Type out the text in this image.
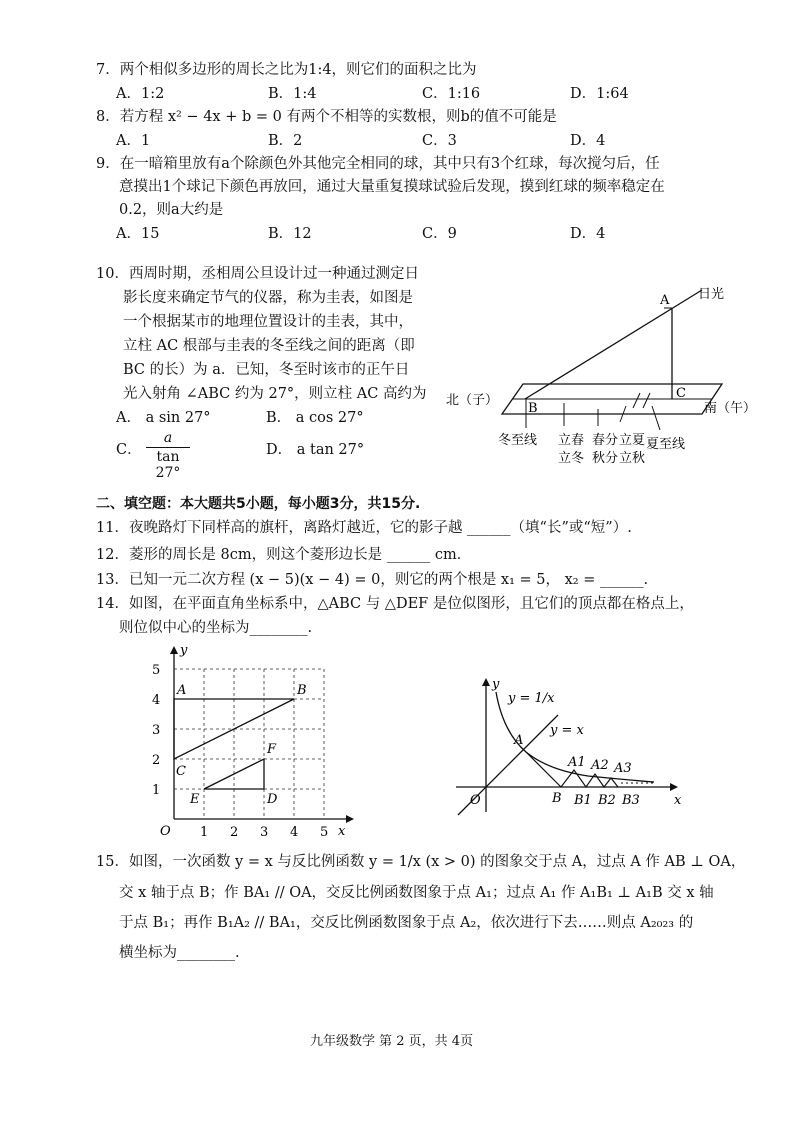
7．两个相似多边形的周长之比为1:4，则它们的面积之比为
A．1:2	B．1:4	C．1:16	D．1:64
8．若方程 x² − 4x + b = 0 有两个不相等的实数根，则b的值不可能是
A．1	B．2	C．3	D．4
9．在一暗箱里放有a个除颜色外其他完全相同的球，其中只有3个红球，每次搅匀后，任
意摸出1个球记下颜色再放回，通过大量重复摸球试验后发现，摸到红球的频率稳定在
0.2，则a大约是
A．15	B．12	C．9	D．4
10．西周时期，丞相周公旦设计过一种通过测定日
影长度来确定节气的仪器，称为圭表，如图是
一个根据某市的地理位置设计的圭表，其中，
立柱 AC 根部与圭表的冬至线之间的距离（即
BC 的长）为 a．已知，冬至时该市的正午日
光入射角 ∠ABC 约为 27°，则立柱 AC 高约为
A． a sin 27°	B． a cos 27°
C．
a
tan 27°
D． a tan 27°
A
B
C
日光
北（子）
南（午）
冬至线 立春
立冬
春分
秋分
立夏
立秋
夏至线
二、填空题：本大题共5小题，每小题3分，共15分.
11．夜晚路灯下同样高的旗杆，离路灯越近，它的影子越 ______（填“长”或“短”）.
12．菱形的周长是 8cm，则这个菱形边长是 ______ cm．
13．已知一元二次方程 (x − 5)(x − 4) = 0，则它的两个根是 x₁ = 5， x₂ = ______.
14．如图，在平面直角坐标系中，△ABC 与 △DEF 是位似图形，且它们的顶点都在格点上，
则位似中心的坐标为________.
y
x
O 1 2 3 4 5
1
2
3
4
5
A	B
C
D
E
F
y
x
O
y = 1/x
y = x
A
A1 A2 A3
B B1 B2 B3
15．如图，一次函数 y = x 与反比例函数 y = 1/x (x > 0) 的图象交于点 A，过点 A 作 AB ⊥ OA，
交 x 轴于点 B；作 BA₁ // OA，交反比例函数图象于点 A₁；过点 A₁ 作 A₁B₁ ⊥ A₁B 交 x 轴
于点 B₁；再作 B₁A₂ // BA₁，交反比例函数图象于点 A₂，依次进行下去……则点 A₂₀₂₃ 的
横坐标为________.
九年级数学 第 2 页，共 4页
